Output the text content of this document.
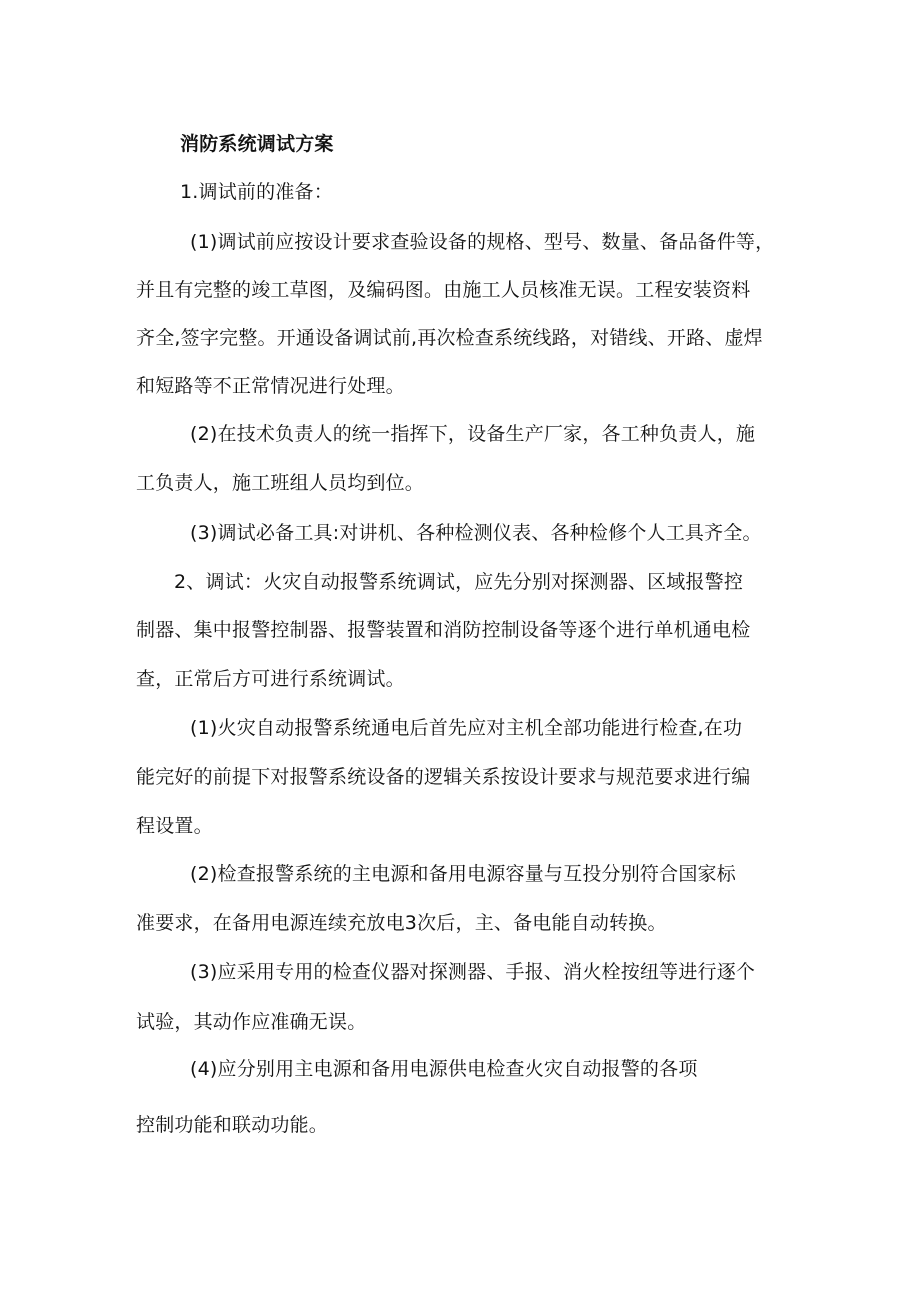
消防系统调试方案
1.调试前的准备：
(1)调试前应按设计要求查验设备的规格、型号、数量、备品备件等，
并且有完整的竣工草图，及编码图。由施工人员核准无误。工程安装资料
齐全,签字完整。开通设备调试前,再次检查系统线路，对错线、开路、虚焊
和短路等不正常情况进行处理。
(2)在技术负责人的统一指挥下，设备生产厂家，各工种负责人，施
工负责人，施工班组人员均到位。
(3)调试必备工具:对讲机、各种检测仪表、各种检修个人工具齐全。
2、调试：火灾自动报警系统调试，应先分别对探测器、区域报警控
制器、集中报警控制器、报警装置和消防控制设备等逐个进行单机通电检
查，正常后方可进行系统调试。
(1)火灾自动报警系统通电后首先应对主机全部功能进行检查,在功
能完好的前提下对报警系统设备的逻辑关系按设计要求与规范要求进行编
程设置。
(2)检查报警系统的主电源和备用电源容量与互投分别符合国家标
准要求，在备用电源连续充放电3次后，主、备电能自动转换。
(3)应采用专用的检查仪器对探测器、手报、消火栓按纽等进行逐个
试验，其动作应准确无误。
(4)应分别用主电源和备用电源供电检查火灾自动报警的各项
控制功能和联动功能。
